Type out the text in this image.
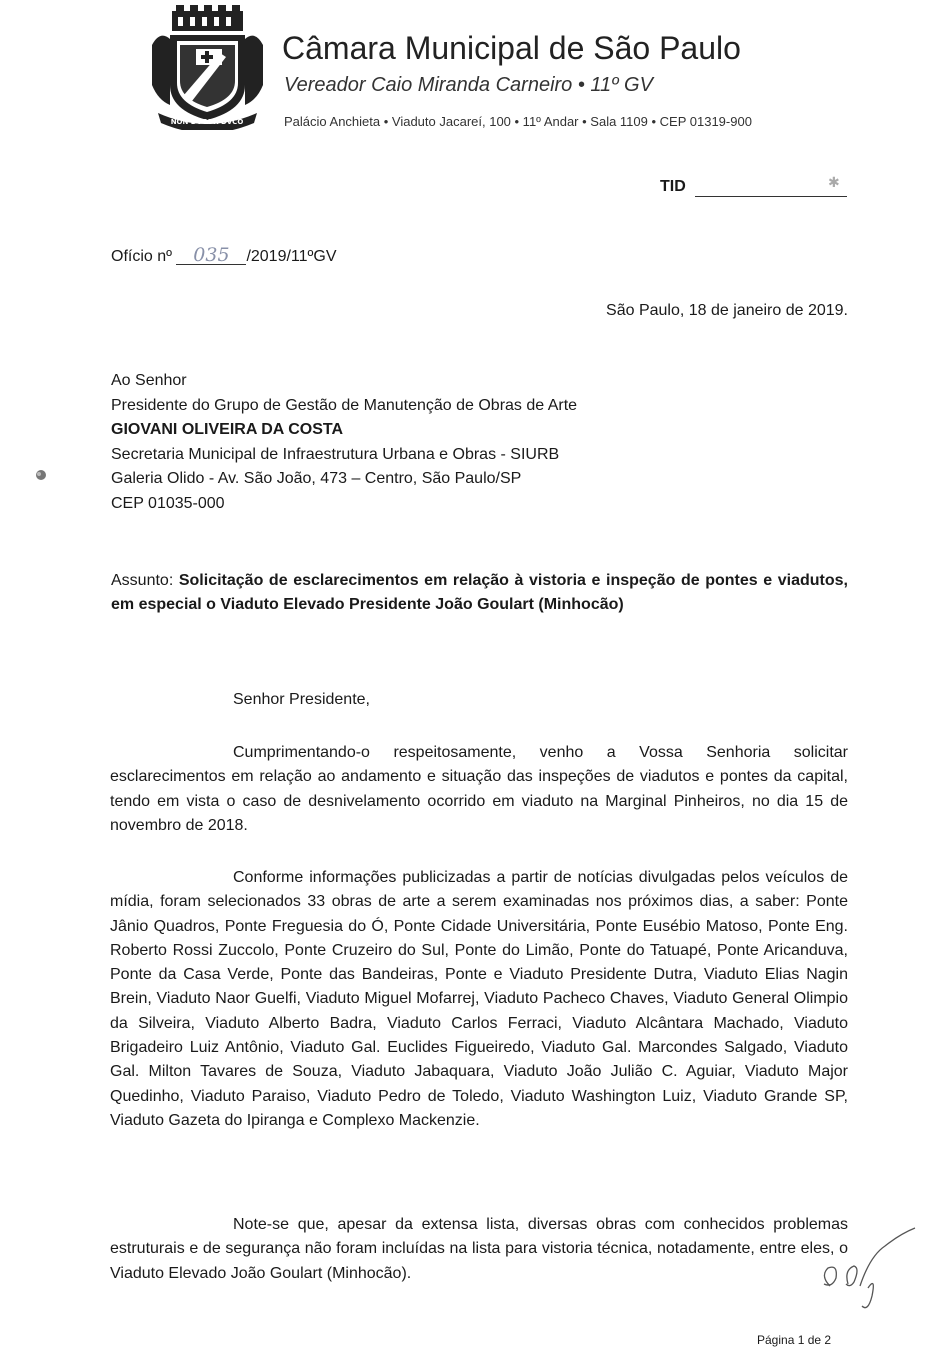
NON DVCOR DVCO
Câmara Municipal de São Paulo
Vereador Caio Miranda Carneiro • 11º GV
Palácio Anchieta • Viaduto Jacareí, 100 • 11º Andar • Sala 1109 • CEP 01319-900
TID	✱
Ofício nº 035 /2019/11ºGV
São Paulo, 18 de janeiro de 2019.
Ao Senhor
Presidente do Grupo de Gestão de Manutenção de Obras de Arte
GIOVANI OLIVEIRA DA COSTA
Secretaria Municipal de Infraestrutura Urbana e Obras - SIURB
Galeria Olido - Av. São João, 473 – Centro, São Paulo/SP
CEP 01035-000
Assunto: Solicitação de esclarecimentos em relação à vistoria e inspeção de pontes e viadutos, em especial o Viaduto Elevado Presidente João Goulart (Minhocão)
Senhor Presidente,
Cumprimentando-o respeitosamente, venho a Vossa Senhoria solicitar esclarecimentos em relação ao andamento e situação das inspeções de viadutos e pontes da capital, tendo em vista o caso de desnivelamento ocorrido em viaduto na Marginal Pinheiros, no dia 15 de novembro de 2018.
Conforme informações publicizadas a partir de notícias divulgadas pelos veículos de mídia, foram selecionados 33 obras de arte a serem examinadas nos próximos dias, a saber: Ponte Jânio Quadros, Ponte Freguesia do Ó, Ponte Cidade Universitária, Ponte Eusébio Matoso, Ponte Eng. Roberto Rossi Zuccolo, Ponte Cruzeiro do Sul, Ponte do Limão, Ponte do Tatuapé, Ponte Aricanduva, Ponte da Casa Verde, Ponte das Bandeiras, Ponte e Viaduto Presidente Dutra, Viaduto Elias Nagin Brein, Viaduto Naor Guelfi, Viaduto Miguel Mofarrej, Viaduto Pacheco Chaves, Viaduto General Olimpio da Silveira, Viaduto Alberto Badra, Viaduto Carlos Ferraci, Viaduto Alcântara Machado, Viaduto Brigadeiro Luiz Antônio, Viaduto Gal. Euclides Figueiredo, Viaduto Gal. Marcondes Salgado, Viaduto Gal. Milton Tavares de Souza, Viaduto Jabaquara, Viaduto João Julião C. Aguiar, Viaduto Major Quedinho, Viaduto Paraiso, Viaduto Pedro de Toledo, Viaduto Washington Luiz, Viaduto Grande SP, Viaduto Gazeta do Ipiranga e Complexo Mackenzie.
Note-se que, apesar da extensa lista, diversas obras com conhecidos problemas estruturais e de segurança não foram incluídas na lista para vistoria técnica, notadamente, entre eles, o Viaduto Elevado João Goulart (Minhocão).
Página 1 de 2
